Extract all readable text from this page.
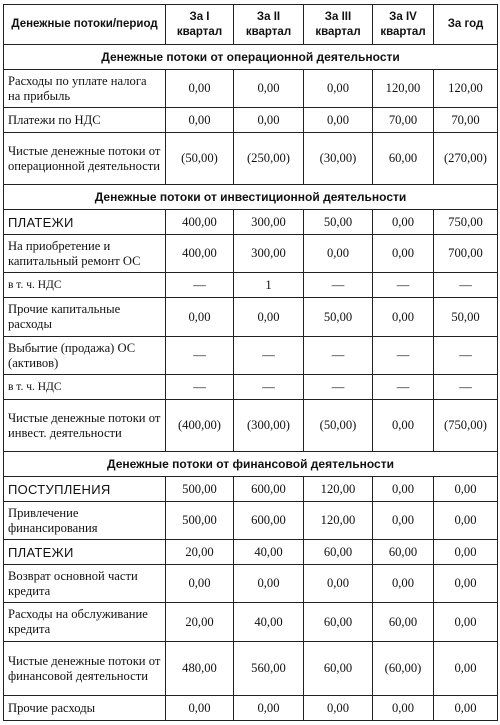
Денежные потоки/период	За I квартал	За II квартал	За III квартал	За IV квартал	За год
Денежные потоки от операционной деятельности					
Расходы по уплате налога на прибыль	0,00	0,00	0,00	120,00	120,00
Платежи по НДС	0,00	0,00	0,00	70,00	70,00
Чистые денежные потоки от операционной деятельности	(50,00)	(250,00)	(30,00)	60,00	(270,00)
Денежные потоки от инвестиционной деятельности					
ПЛАТЕЖИ	400,00	300,00	50,00	0,00	750,00
На приобретение и капитальный ремонт ОС	400,00	300,00	0,00	0,00	700,00
в т. ч. НДС	—	1	—	—	—
Прочие капитальные расходы	0,00	0,00	50,00	0,00	50,00
Выбытие (продажа) ОС (активов)	—	—	—	—	—
в т. ч. НДС	—	—	—	—	—
Чистые денежные потоки от инвест. деятельности	(400,00)	(300,00)	(50,00)	0,00	(750,00)
Денежные потоки от финансовой деятельности					
ПОСТУПЛЕНИЯ	500,00	600,00	120,00	0,00	0,00
Привлечение финансирования	500,00	600,00	120,00	0,00	0,00
ПЛАТЕЖИ	20,00	40,00	60,00	60,00	0,00
Возврат основной части кредита	0,00	0,00	0,00	0,00	0,00
Расходы на обслуживание кредита	20,00	40,00	60,00	60,00	0,00
Чистые денежные потоки от финансовой деятельности	480,00	560,00	60,00	(60,00)	0,00
Прочие расходы	0,00	0,00	0,00	0,00	0,00
